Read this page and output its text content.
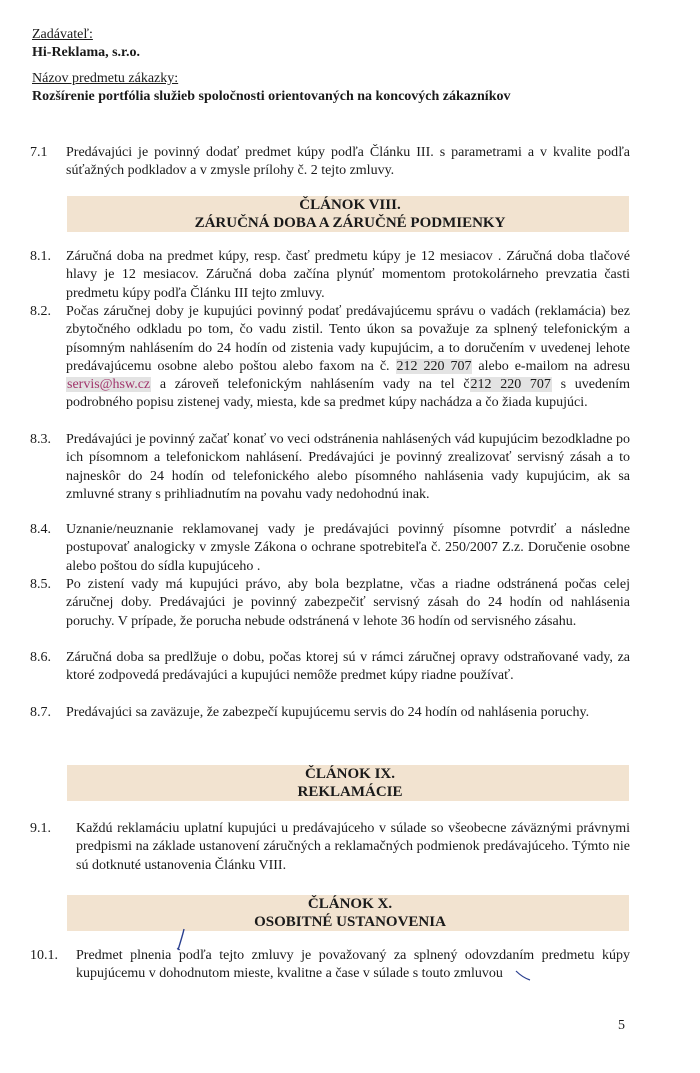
Zadávateľ:
Hi-Reklama, s.r.o.
Názov predmetu zákazky:
Rozšírenie portfólia služieb spoločnosti orientovaných na koncových zákazníkov
7.1 Predávajúci je povinný dodať predmet kúpy podľa Článku III. s parametrami a v kvalite podľa súťažných podkladov a v zmysle prílohy č. 2 tejto zmluvy.
ČLÁNOK VIII.
ZÁRUČNÁ DOBA A ZÁRUČNÉ PODMIENKY
8.1. Záručná doba na predmet kúpy, resp. časť predmetu kúpy je 12 mesiacov . Záručná doba tlačové hlavy je 12 mesiacov. Záručná doba začína plynúť momentom protokolárneho prevzatia časti predmetu kúpy podľa Článku III tejto zmluvy.
8.2. Počas záručnej doby je kupujúci povinný podať predávajúcemu správu o vadách (reklamácia) bez zbytočného odkladu po tom, čo vadu zistil. Tento úkon sa považuje za splnený telefonickým a písomným nahlásením do 24 hodín od zistenia vady kupujúcim, a to doručením v uvedenej lehote predávajúcemu osobne alebo poštou alebo faxom na č. 212 220 707 alebo e-mailom na adresu servis@hsw.cz a zároveň telefonickým nahlásením vady na tel č212 220 707 s uvedením podrobného popisu zistenej vady, miesta, kde sa predmet kúpy nachádza a čo žiada kupujúci.
8.3. Predávajúci je povinný začať konať vo veci odstránenia nahlásených vád kupujúcim bezodkladne po ich písomnom a telefonickom nahlásení. Predávajúci je povinný zrealizovať servisný zásah a to najneskôr do 24 hodín od telefonického alebo písomného nahlásenia vady kupujúcim, ak sa zmluvné strany s prihliadnutím na povahu vady nedohodnú inak.
8.4. Uznanie/neuznanie reklamovanej vady je predávajúci povinný písomne potvrdiť a následne postupovať analogicky v zmysle Zákona o ochrane spotrebiteľa č. 250/2007 Z.z. Doručenie osobne alebo poštou do sídla kupujúceho .
8.5. Po zistení vady má kupujúci právo, aby bola bezplatne, včas a riadne odstránená počas celej záručnej doby. Predávajúci je povinný zabezpečiť servisný zásah do 24 hodín od nahlásenia poruchy. V prípade, že porucha nebude odstránená v lehote 36 hodín od servisného zásahu.
8.6. Záručná doba sa predlžuje o dobu, počas ktorej sú v rámci záručnej opravy odstraňované vady, za ktoré zodpovedá predávajúci a kupujúci nemôže predmet kúpy riadne používať.
8.7. Predávajúci sa zaväzuje, že zabezpečí kupujúcemu servis do 24 hodín od nahlásenia poruchy.
ČLÁNOK IX.
REKLAMÁCIE
9.1. Každú reklamáciu uplatní kupujúci u predávajúceho v súlade so všeobecne záväznými právnymi predpismi na základe ustanovení záručných a reklamačných podmienok predávajúceho. Týmto nie sú dotknuté ustanovenia Článku VIII.
ČLÁNOK X.
OSOBITNÉ USTANOVENIA
10.1. Predmet plnenia podľa tejto zmluvy je považovaný za splnený odovzdaním predmetu kúpy kupujúcemu v dohodnutom mieste, kvalitne a čase v súlade s touto zmluvou
5
